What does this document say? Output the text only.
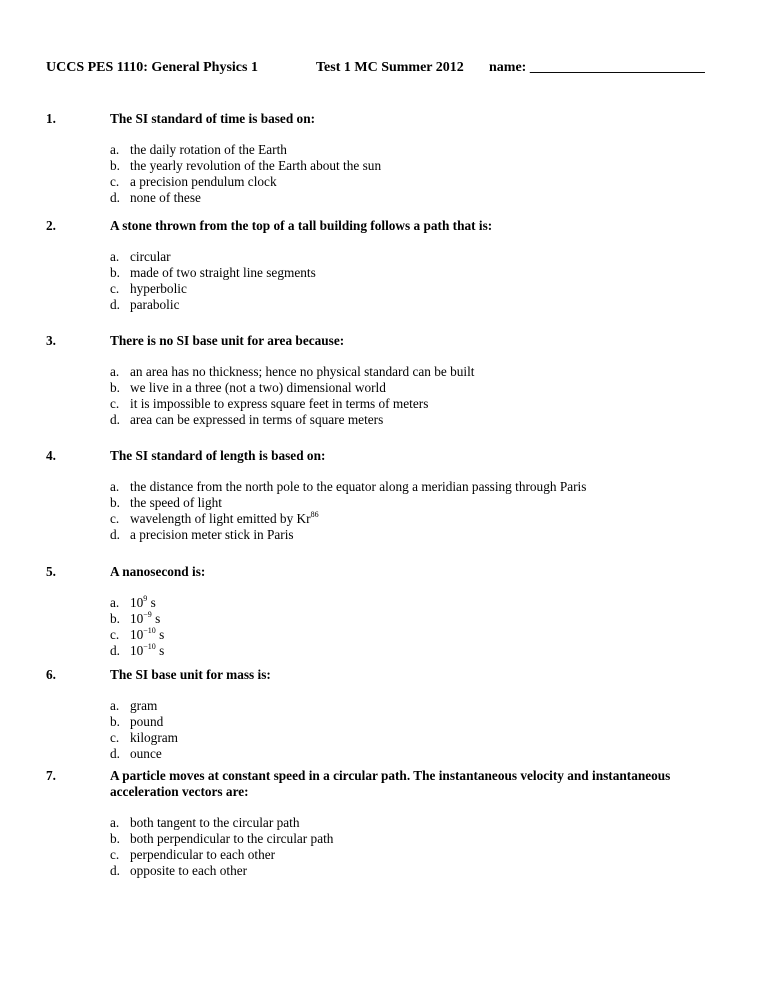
UCCS PES 1110: General Physics 1	Test 1 MC Summer 2012 name: _________________________
1.	The SI standard of time is based on:
a. the daily rotation of the Earth
b. the yearly revolution of the Earth about the sun
c. a precision pendulum clock
d. none of these
2.	A stone thrown from the top of a tall building follows a path that is:
a. circular
b. made of two straight line segments
c. hyperbolic
d. parabolic
3.	There is no SI base unit for area because:
a. an area has no thickness; hence no physical standard can be built
b. we live in a three (not a two) dimensional world
c. it is impossible to express square feet in terms of meters
d. area can be expressed in terms of square meters
4.	The SI standard of length is based on:
a. the distance from the north pole to the equator along a meridian passing through Paris
b. the speed of light
c. wavelength of light emitted by Kr$^{86}$
d. a precision meter stick in Paris
5.	A nanosecond is:
a. $10^9$ s
b. $10^{-9}$ s
c. $10^{-10}$ s
d. $10^{-10}$ s
6.	The SI base unit for mass is:
a. gram
b. pound
c. kilogram
d. ounce
7.	A particle moves at constant speed in a circular path. The instantaneous velocity and instantaneous acceleration vectors are:
a. both tangent to the circular path
b. both perpendicular to the circular path
c. perpendicular to each other
d. opposite to each other
